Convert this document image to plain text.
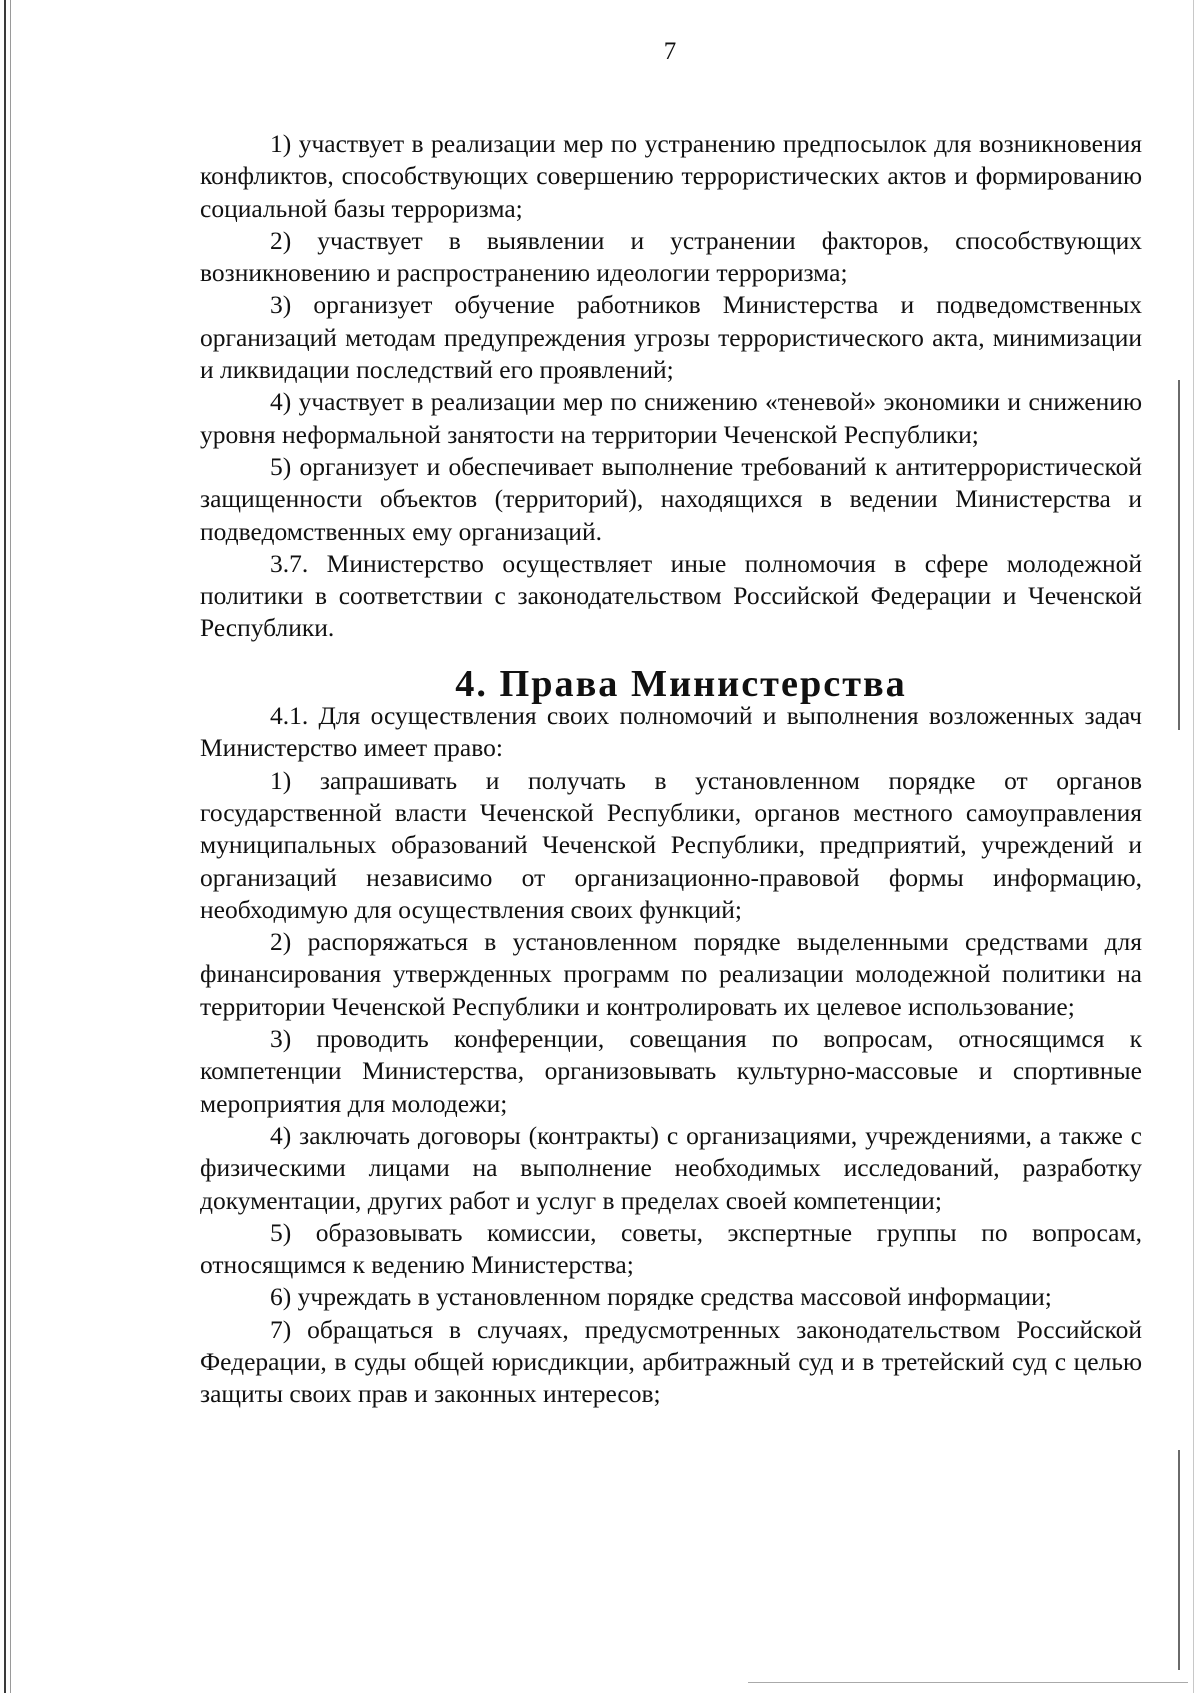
7

1) участвует в реализации мер по устранению предпосылок для возникновения конфликтов, способствующих совершению террористических актов и формированию социальной базы терроризма;

2) участвует в выявлении и устранении факторов, способствующих возникновению и распространению идеологии терроризма;

3) организует обучение работников Министерства и подведомственных организаций методам предупреждения угрозы террористического акта, минимизации и ликвидации последствий его проявлений;

4) участвует в реализации мер по снижению «теневой» экономики и снижению уровня неформальной занятости на территории Чеченской Республики;

5) организует и обеспечивает выполнение требований к антитеррористической защищенности объектов (территорий), находящихся в ведении Министерства и подведомственных ему организаций.

3.7. Министерство осуществляет иные полномочия в сфере молодежной политики в соответствии с законодательством Российской Федерации и Чеченской Республики.

4. Права Министерства

4.1. Для осуществления своих полномочий и выполнения возложенных задач Министерство имеет право:

1) запрашивать и получать в установленном порядке от органов государственной власти Чеченской Республики, органов местного самоуправления муниципальных образований Чеченской Республики, предприятий, учреждений и организаций независимо от организационно-правовой формы информацию, необходимую для осуществления своих функций;

2) распоряжаться в установленном порядке выделенными средствами для финансирования утвержденных программ по реализации молодежной политики на территории Чеченской Республики и контролировать их целевое использование;

3) проводить конференции, совещания по вопросам, относящимся к компетенции Министерства, организовывать культурно-массовые и спортивные мероприятия для молодежи;

4) заключать договоры (контракты) с организациями, учреждениями, а также с физическими лицами на выполнение необходимых исследований, разработку документации, других работ и услуг в пределах своей компетенции;

5) образовывать комиссии, советы, экспертные группы по вопросам, относящимся к ведению Министерства;

6) учреждать в установленном порядке средства массовой информации;

7) обращаться в случаях, предусмотренных законодательством Российской Федерации, в суды общей юрисдикции, арбитражный суд и в третейский суд с целью защиты своих прав и законных интересов;
